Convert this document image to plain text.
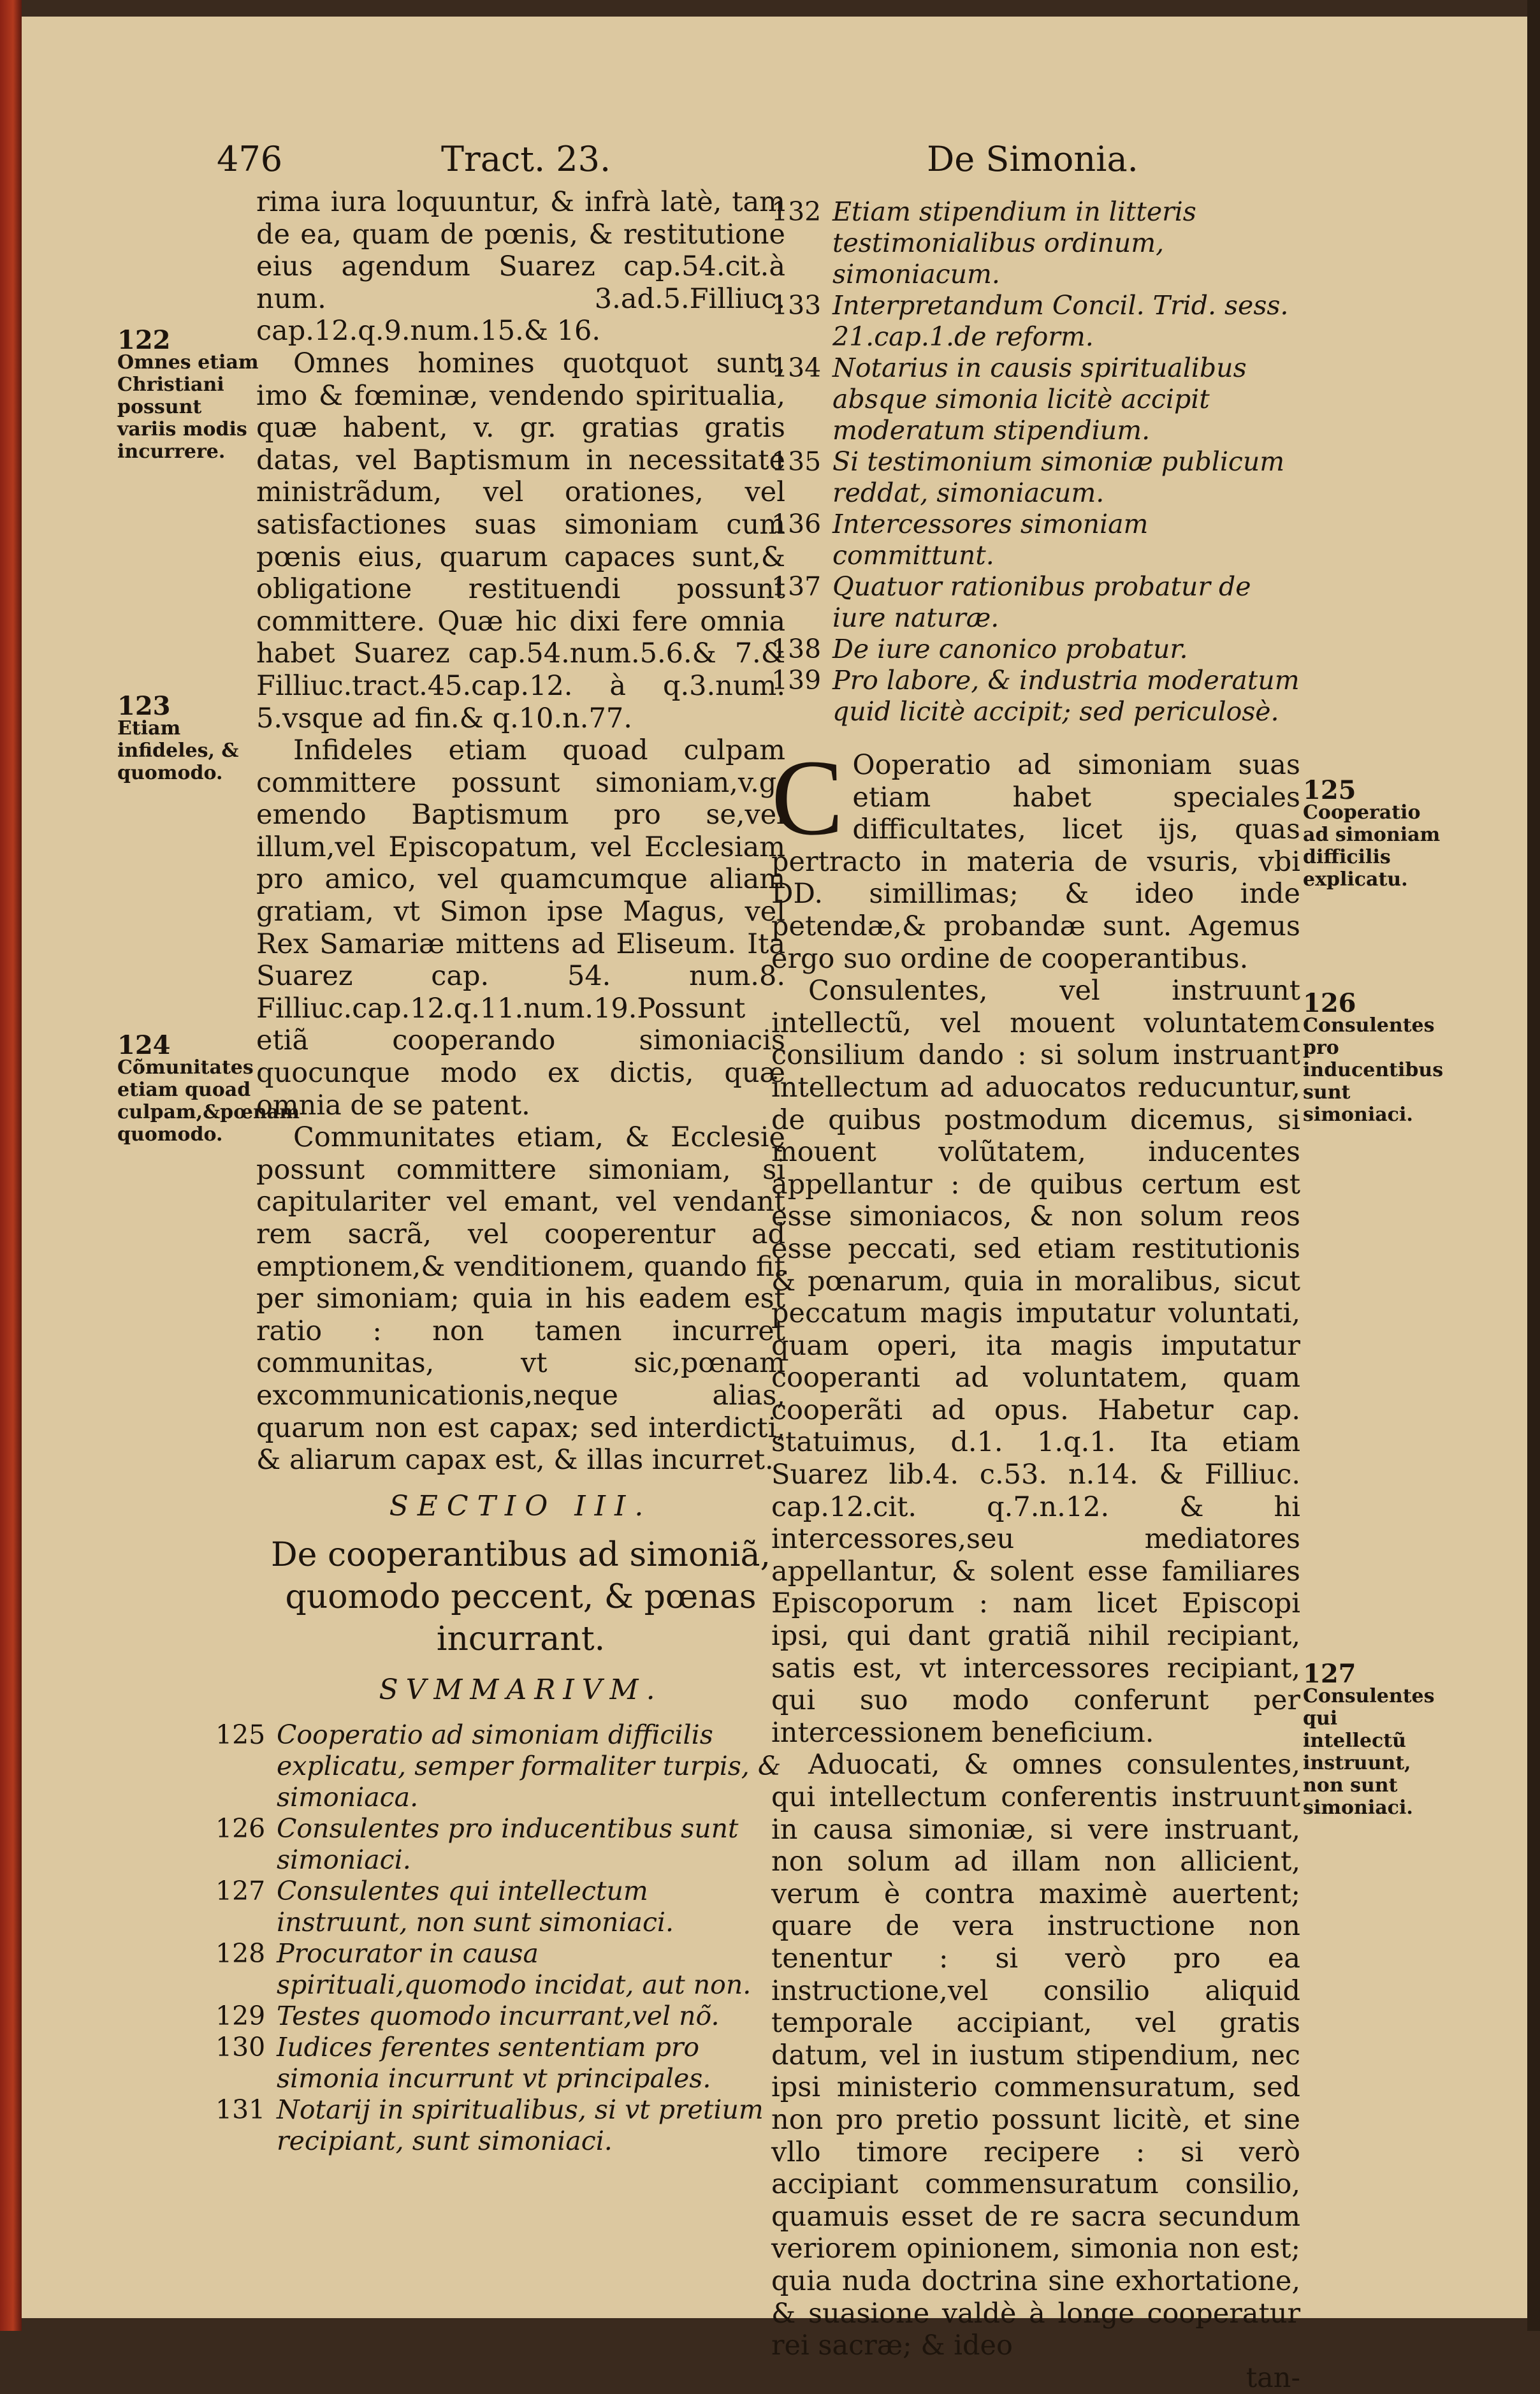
476	Tract. 23.	De Simonia.
122
Omnes etiam Christiani possunt variis modis incurrere.
123
Etiam infideles, & quomodo.
124
Cõmunitates etiam quoad culpam,&pœnam quomodo.

rima iura loquuntur, & infrà latè, tam de ea, quam de pœnis, & restitutione eius agendum Suarez cap.54.cit.à num. 3.ad.5.Filliuc. cap.12.q.9.num.15.& 16.

Omnes homines quotquot sunt, imo & fœminæ, vendendo spiritualia, quæ habent, v. gr. gratias gratis datas, vel Baptismum in necessitate ministrãdum, vel orationes, vel satisfactiones suas simoniam cum pœnis eius, quarum capaces sunt,& obligatione restituendi possunt committere. Quæ hic dixi fere omnia habet Suarez cap.54.num.5.6.& 7.& Filliuc.tract.45.cap.12. à q.3.num. 5.vsque ad fin.& q.10.n.77.

Infideles etiam quoad culpam committere possunt simoniam,v.g. emendo Baptismum pro se,vel illum,vel Episcopatum, vel Ecclesiam pro amico, vel quamcumque aliam gratiam, vt Simon ipse Magus, vel Rex Samariæ mittens ad Eliseum. Ita Suarez cap. 54. num.8. Filliuc.cap.12.q.11.num.19.Possunt etiã cooperando simoniacis quocunque modo ex dictis, quæ omnia de se patent.

Communitates etiam, & Ecclesię possunt committere simoniam, si capitulariter vel emant, vel vendant rem sacrã, vel cooperentur ad emptionem,& venditionem, quando fit per simoniam; quia in his eadem est ratio : non tamen incurret communitas, vt sic,pœnam excommunicationis,neque alias, quarum non est capax; sed interdicti, & aliarum capax est, & illas incurret.

SECTIO III.
De cooperantibus ad simoniã, quomodo peccent, & pœnas incurrant.
SVMMARIVM.
125 Cooperatio ad simoniam difficilis explicatu, semper formaliter turpis, & simoniaca.
126 Consulentes pro inducentibus sunt simoniaci.
127 Consulentes qui intellectum instruunt, non sunt simoniaci.
128 Procurator in causa spirituali,quomodo incidat, aut non.
129 Testes quomodo incurrant,vel nõ.
130 Iudices ferentes sententiam pro simonia incurrunt vt principales.
131 Notarij in spiritualibus, si vt pretium recipiant, sunt simoniaci.
132 Etiam stipendium in litteris testimonialibus ordinum, simoniacum.
133 Interpretandum Concil. Trid. sess. 21.cap.1.de reform.
134 Notarius in causis spiritualibus absque simonia licitè accipit moderatum stipendium.
135 Si testimonium simoniæ publicum reddat, simoniacum.
136 Intercessores simoniam committunt.
137 Quatuor rationibus probatur de iure naturæ.
138 De iure canonico probatur.
139 Pro labore, & industria moderatum quid licitè accipit; sed periculosè.

C Ooperatio ad simoniam suas etiam habet speciales difficultates, licet ijs, quas pertracto in materia de vsuris, vbi DD. simillimas; & ideo inde petendæ,& probandæ sunt. Agemus ergo suo ordine de cooperantibus.

Consulentes, vel instruunt intellectũ, vel mouent voluntatem consilium dando : si solum instruant intellectum ad aduocatos reducuntur, de quibus postmodum dicemus, si mouent volũtatem, inducentes appellantur : de quibus certum est esse simoniacos, & non solum reos esse peccati, sed etiam restitutionis & pœnarum, quia in moralibus, sicut peccatum magis imputatur voluntati, quam operi, ita magis imputatur cooperanti ad voluntatem, quam cooperãti ad opus. Habetur cap. statuimus, d.1. 1.q.1. Ita etiam Suarez lib.4. c.53. n.14. & Filliuc. cap.12.cit. q.7.n.12. & hi intercessores,seu mediatores appellantur, & solent esse familiares Episcoporum : nam licet Episcopi ipsi, qui dant gratiã nihil recipiant, satis est, vt intercessores recipiant, qui suo modo conferunt per intercessionem beneficium.

Aduocati, & omnes consulentes, qui intellectum conferentis instruunt in causa simoniæ, si vere instruant, non solum ad illam non allicient, verum è contra maximè auertent; quare de vera instructione non tenentur : si verò pro ea instructione,vel consilio aliquid temporale accipiant, vel gratis datum, vel in iustum stipendium, nec ipsi ministerio commensuratum, sed non pro pretio possunt licitè, et sine vllo timore recipere : si verò accipiant commensuratum consilio, quamuis esset de re sacra secundum veriorem opinionem, simonia non est; quia nuda doctrina sine exhortatione, & suasione valdè à longe cooperatur rei sacræ; & ideo

tan-
125
Cooperatio ad simoniam difficilis explicatu.
126
Consulentes pro inducentibus sunt simoniaci.
127
Consulentes qui intellectũ instruunt, non sunt simoniaci.
